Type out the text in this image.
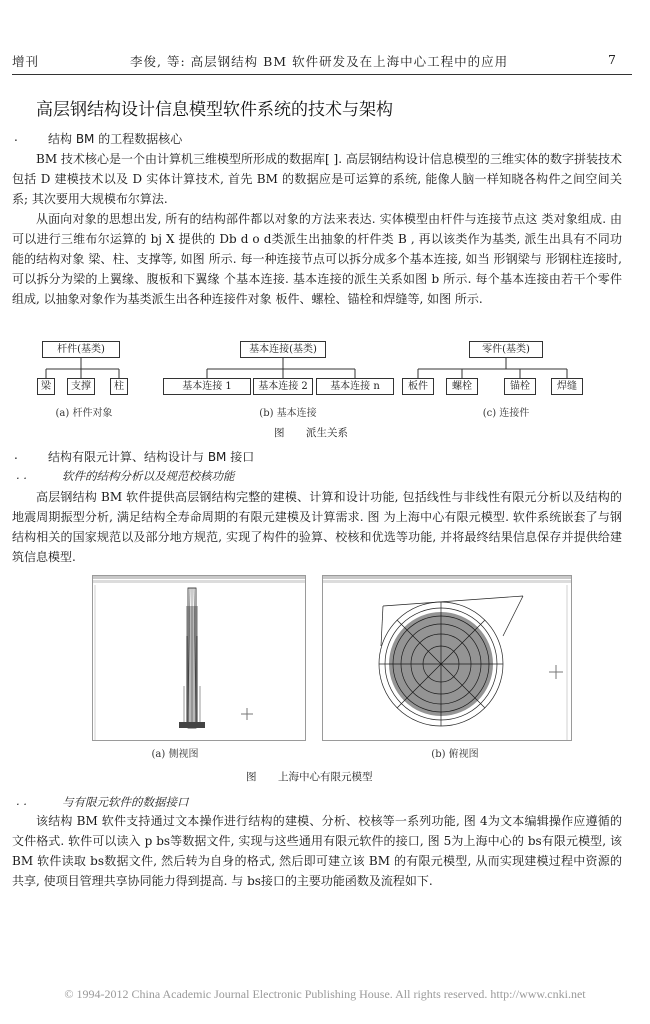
增刊	李俊, 等: 高层钢结构 BM 软件研发及在上海中心工程中的应用	7
高层钢结构设计信息模型软件系统的技术与架构
.	结构 BM 的工程数据核心

BM 技术核心是一个由计算机三维模型所形成的数据库[ ]. 高层钢结构设计信息模型的三维实体的数字拼装技术包括 D 建模技术以及 D 实体计算技术, 首先 BM 的数据应是可运算的系统, 能像人脑一样知晓各构件之间空间关系; 其次要用大规模布尔算法.

从面向对象的思想出发, 所有的结构部件都以对象的方法来表达. 实体模型由杆件与连接节点这 类对象组成. 由可以进行三维布尔运算的 bj X 提供的 Db d o d类派生出抽象的杆件类 B , 再以该类作为基类, 派生出具有不同功能的结构对象 梁、柱、支撑等, 如图 所示. 每一种连接节点可以拆分成多个基本连接, 如当 形钢梁与 形钢柱连接时, 可以拆分为梁的上翼缘、腹板和下翼缘 个基本连接. 基本连接的派生关系如图 b 所示. 每个基本连接由若干个零件组成, 以抽象对象作为基类派生出各种连接件对象 板件、螺栓、锚栓和焊缝等, 如图 所示.

杆件(基类)
梁	支撑	柱
(a) 杆件对象
基本连接(基类)
基本连接 1	基本连接 2	基本连接 n
(b) 基本连接
零件(基类)
板件	螺栓	锚栓	焊缝
(c) 连接件
图 派生关系
.	结构有限元计算、结构设计与 BM 接口
. .	软件的结构分析以及规范校核功能

高层钢结构 BM 软件提供高层钢结构完整的建模、计算和设计功能, 包括线性与非线性有限元分析以及结构的地震周期振型分析, 满足结构全寿命周期的有限元建模及计算需求. 图 为上海中心有限元模型. 软件系统嵌套了与钢结构相关的国家规范以及部分地方规范, 实现了构件的验算、校核和优选等功能, 并将最终结果信息保存并提供给建筑信息模型.

(a) 侧视图	(b) 俯视图
图 上海中心有限元模型
. .	与有限元软件的数据接口

该结构 BM 软件支持通过文本操作进行结构的建模、分析、校核等一系列功能, 图 4为文本编辑操作应遵循的文件格式. 软件可以读入 p bs等数据文件, 实现与这些通用有限元软件的接口, 图 5为上海中心的 bs有限元模型, 该 BM 软件读取 bs数据文件, 然后转为自身的格式, 然后即可建立该 BM 的有限元模型, 从而实现建模过程中资源的共享, 使项目管理共享协同能力得到提高. 与 bs接口的主要功能函数及流程如下.

© 1994-2012 China Academic Journal Electronic Publishing House. All rights reserved. http://www.cnki.net
